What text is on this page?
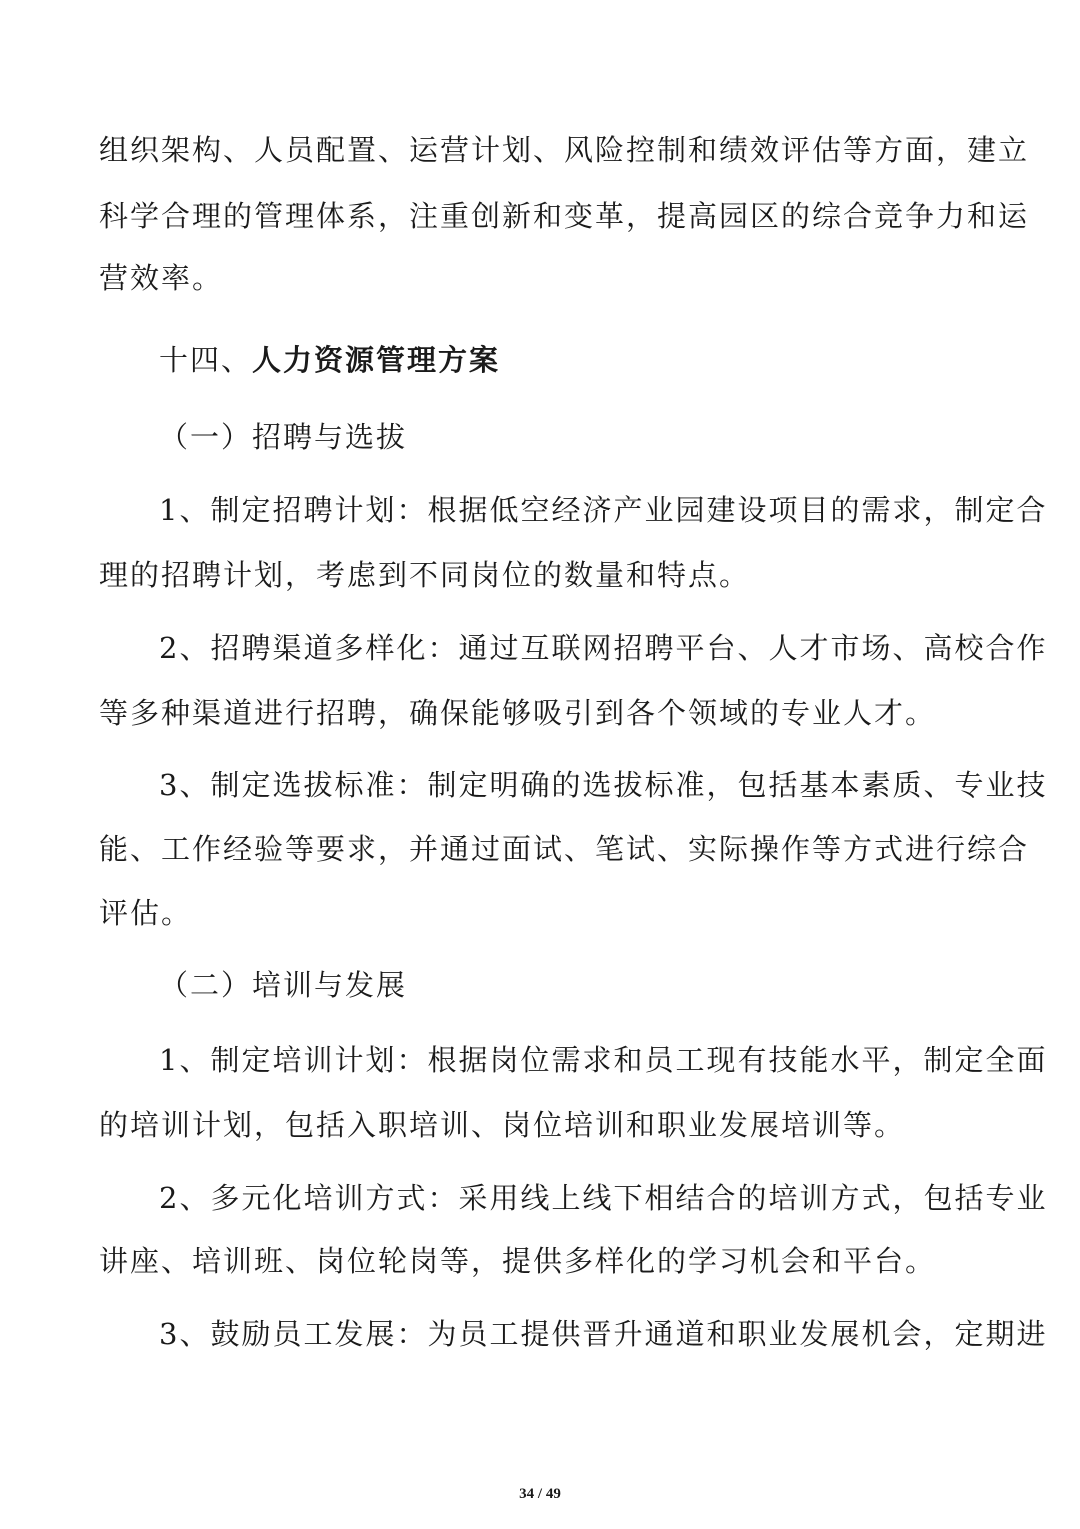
组织架构、人员配置、运营计划、风险控制和绩效评估等方面，建立
科学合理的管理体系，注重创新和变革，提高园区的综合竞争力和运
营效率。
十四、人力资源管理方案
（一）招聘与选拔
1、制定招聘计划：根据低空经济产业园建设项目的需求，制定合
理的招聘计划，考虑到不同岗位的数量和特点。
2、招聘渠道多样化：通过互联网招聘平台、人才市场、高校合作
等多种渠道进行招聘，确保能够吸引到各个领域的专业人才。
3、制定选拔标准：制定明确的选拔标准，包括基本素质、专业技
能、工作经验等要求，并通过面试、笔试、实际操作等方式进行综合
评估。
（二）培训与发展
1、制定培训计划：根据岗位需求和员工现有技能水平，制定全面
的培训计划，包括入职培训、岗位培训和职业发展培训等。
2、多元化培训方式：采用线上线下相结合的培训方式，包括专业
讲座、培训班、岗位轮岗等，提供多样化的学习机会和平台。
3、鼓励员工发展：为员工提供晋升通道和职业发展机会，定期进
34 / 49
